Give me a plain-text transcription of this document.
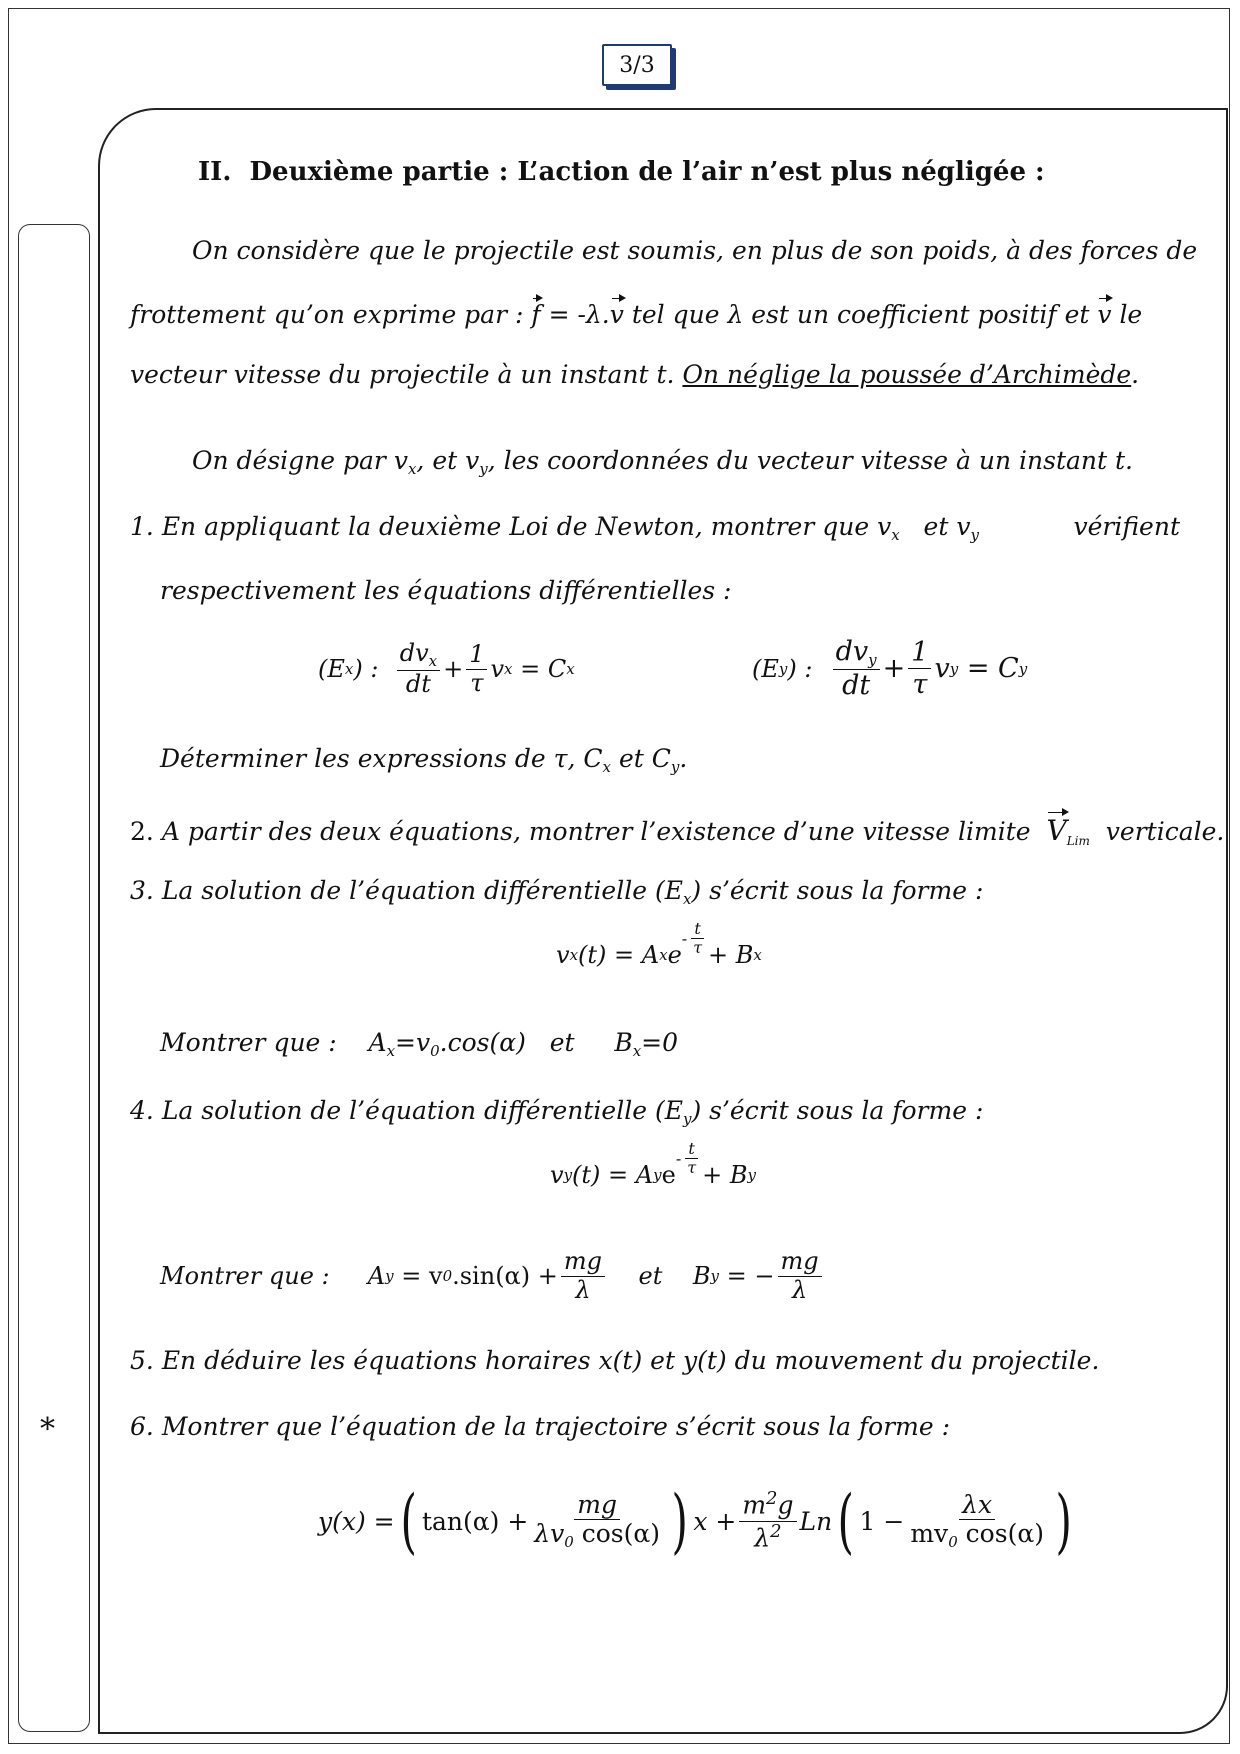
3/3
*
II. Deuxième partie : L’action de l’air n’est plus négligée :
On considère que le projectile est soumis, en plus de son poids, à des forces de
frottement qu’on exprime par : f = -λ.v tel que λ est un coefficient positif et v le
vecteur vitesse du projectile à un instant t. On néglige la poussée d’Archimède.
On désigne par $v_x$, et $v_y$, les coordonnées du vecteur vitesse à un instant t.
1. En appliquant la deuxième Loi de Newton, montrer que $v_x$ et $v_y$	vérifient
respectivement les équations différentielles :
(E x ) :
$\frac{dv_x}{dt} + \frac{1}{\tau}$ v x
=
C x	(E y ) :
$\frac{dv_y}{dt} + \frac{1}{\tau}$ v y
=
C y
Déterminer les expressions de τ, $C_x$ et $C_y$.
2. A partir des deux équations, montrer l’existence d’une vitesse limite $V_{Lim}$ verticale.
3. La solution de l’équation différentielle $(E_x)$ s’écrit sous la forme :
v x (t) = A x e
- $\frac{t}{\tau} + B$ x
Montrer que : $A_x=v_0.\cos(\alpha)$ et $B_x=0$
4. La solution de l’équation différentielle $(E_y)$ s’écrit sous la forme :
v y (t) = A y e
- $\frac{t}{\tau} + B$ y
Montrer que :
A y
= v 0 $.\sin(\alpha) + \frac{mg}{\lambda}$
et
B y
= − $\frac{mg}{\lambda}$
5. En déduire les équations horaires x(t) et y(t) du mouvement du projectile.
6. Montrer que l’équation de la trajectoire s’écrit sous la forme :
y(x) = ( $\tan(\alpha) + \frac{mg}{\lambda v_0 \cos(\alpha)}$ ) $x + \frac{m^2g}{\lambda^2}$ Ln ( $1 - \frac{\lambda x}{mv_0 \cos(\alpha)}$ )
